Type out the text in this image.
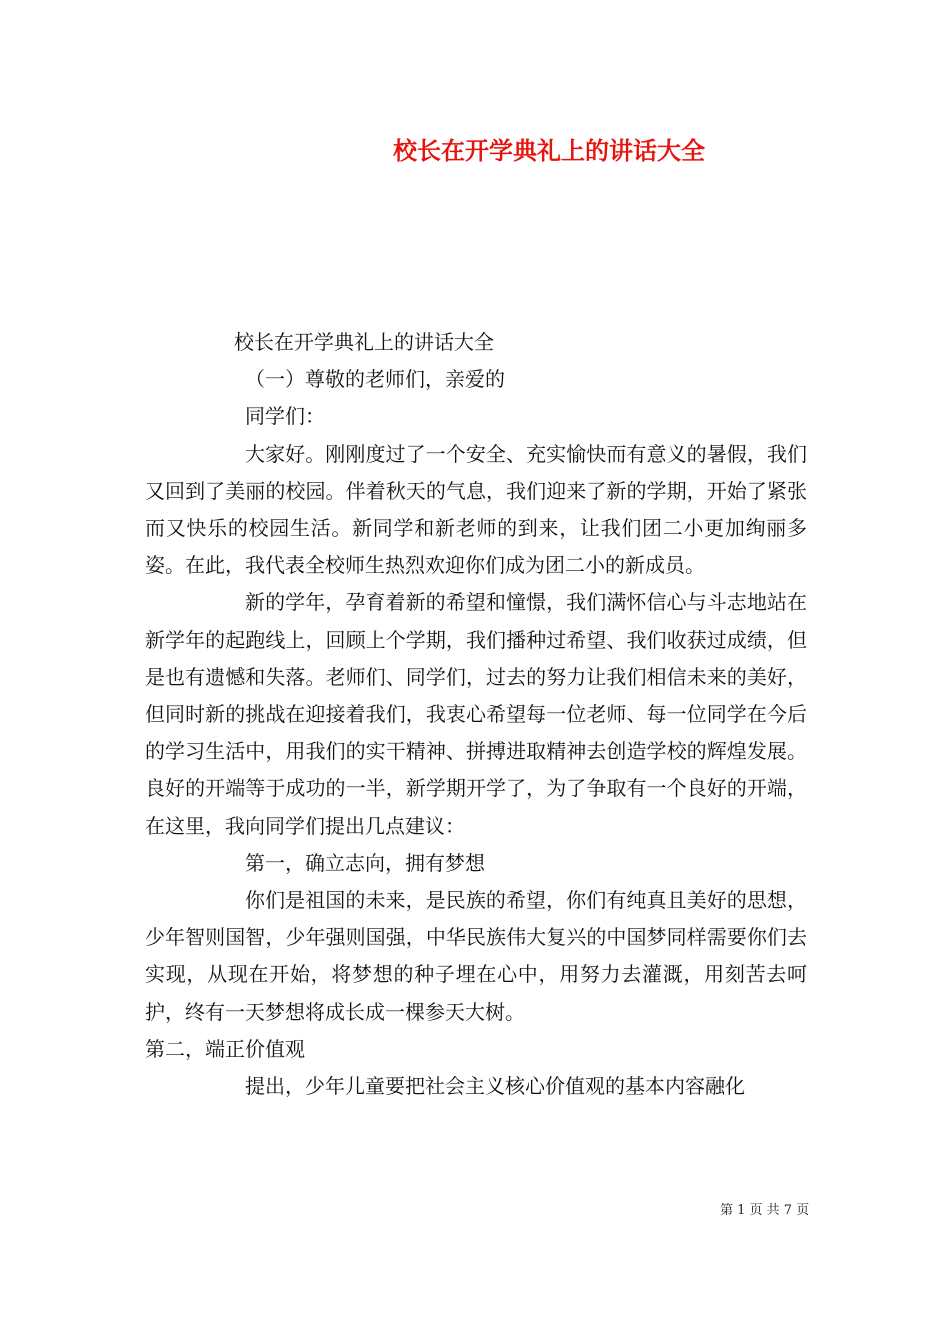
校长在开学典礼上的讲话大全

校长在开学典礼上的讲话大全

（一）尊敬的老师们，亲爱的

同学们：

大家好。刚刚度过了一个安全、充实愉快而有意义的暑假，我们又回到了美丽的校园。伴着秋天的气息，我们迎来了新的学期，开始了紧张而又快乐的校园生活。新同学和新老师的到来，让我们团二小更加绚丽多姿。在此，我代表全校师生热烈欢迎你们成为团二小的新成员。

新的学年，孕育着新的希望和憧憬，我们满怀信心与斗志地站在新学年的起跑线上，回顾上个学期，我们播种过希望、我们收获过成绩，但是也有遗憾和失落。老师们、同学们，过去的努力让我们相信未来的美好，但同时新的挑战在迎接着我们，我衷心希望每一位老师、每一位同学在今后的学习生活中，用我们的实干精神、拼搏进取精神去创造学校的辉煌发展。良好的开端等于成功的一半，新学期开学了，为了争取有一个良好的开端，在这里，我向同学们提出几点建议：

第一，确立志向，拥有梦想

你们是祖国的未来，是民族的希望，你们有纯真且美好的思想，少年智则国智，少年强则国强，中华民族伟大复兴的中国梦同样需要你们去实现，从现在开始，将梦想的种子埋在心中，用努力去灌溉，用刻苦去呵护，终有一天梦想将成长成一棵参天大树。

第二，端正价值观

提出，少年儿童要把社会主义核心价值观的基本内容融化

第 1 页 共 7 页
